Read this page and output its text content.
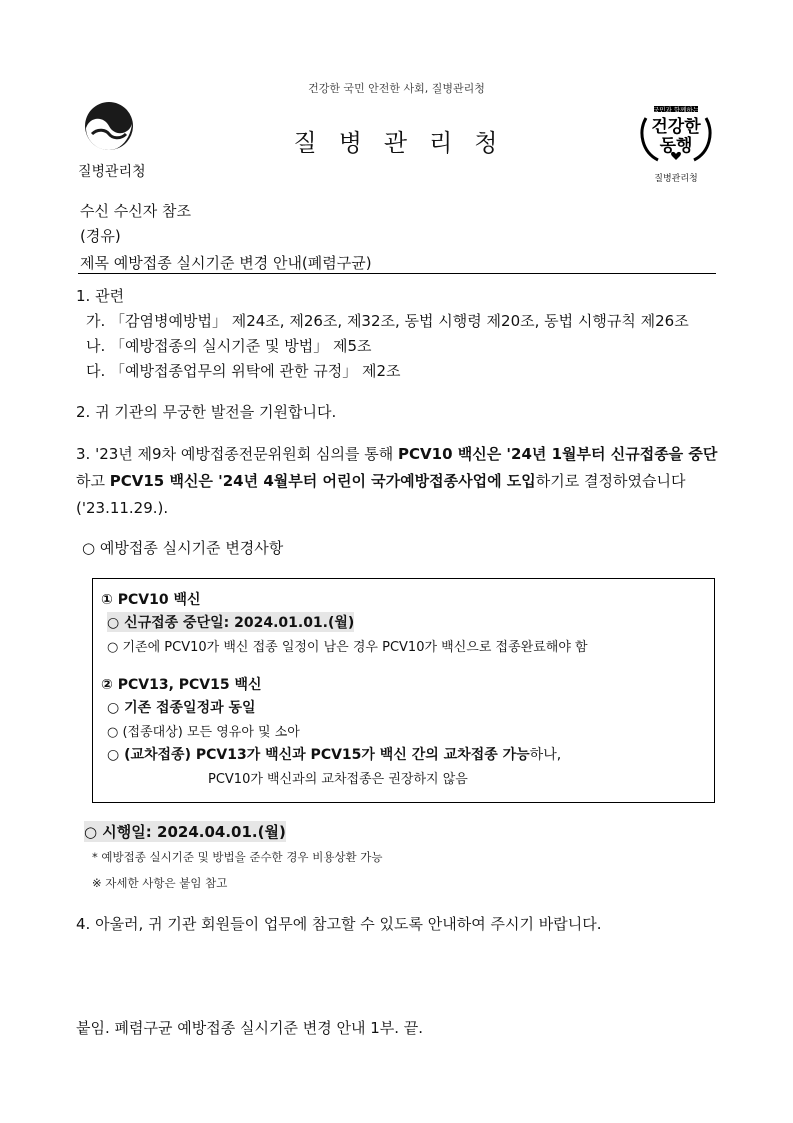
건강한 국민 안전한 사회, 질병관리청
질병관리청
질병관리청
국민과 함께하는
건강한
동행
질병관리청
수신 수신자 참조
(경유)
제목 예방접종 실시기준 변경 안내(폐렴구균)
1. 관련
가. 「감염병예방법」 제24조, 제26조, 제32조, 동법 시행령 제20조, 동법 시행규칙 제26조
나. 「예방접종의 실시기준 및 방법」 제5조
다. 「예방접종업무의 위탁에 관한 규정」 제2조
2. 귀 기관의 무궁한 발전을 기원합니다.
3. '23년 제9차 예방접종전문위원회 심의를 통해 PCV10 백신은 '24년 1월부터 신규접종을 중단하고 PCV15 백신은 '24년 4월부터 어린이 국가예방접종사업에 도입하기로 결정하였습니다('23.11.29.).
○ 예방접종 실시기준 변경사항
① PCV10 백신
○ 신규접종 중단일: 2024.01.01.(월)
○ 기존에 PCV10가 백신 접종 일정이 남은 경우 PCV10가 백신으로 접종완료해야 함
② PCV13, PCV15 백신
○ 기존 접종일정과 동일
○ (접종대상) 모든 영유아 및 소아
○ (교차접종) PCV13가 백신과 PCV15가 백신 간의 교차접종 가능하나,
PCV10가 백신과의 교차접종은 권장하지 않음
○ 시행일: 2024.04.01.(월)
* 예방접종 실시기준 및 방법을 준수한 경우 비용상환 가능
※ 자세한 사항은 붙임 참고
4. 아울러, 귀 기관 회원들이 업무에 참고할 수 있도록 안내하여 주시기 바랍니다.
붙임. 폐렴구균 예방접종 실시기준 변경 안내 1부. 끝.
